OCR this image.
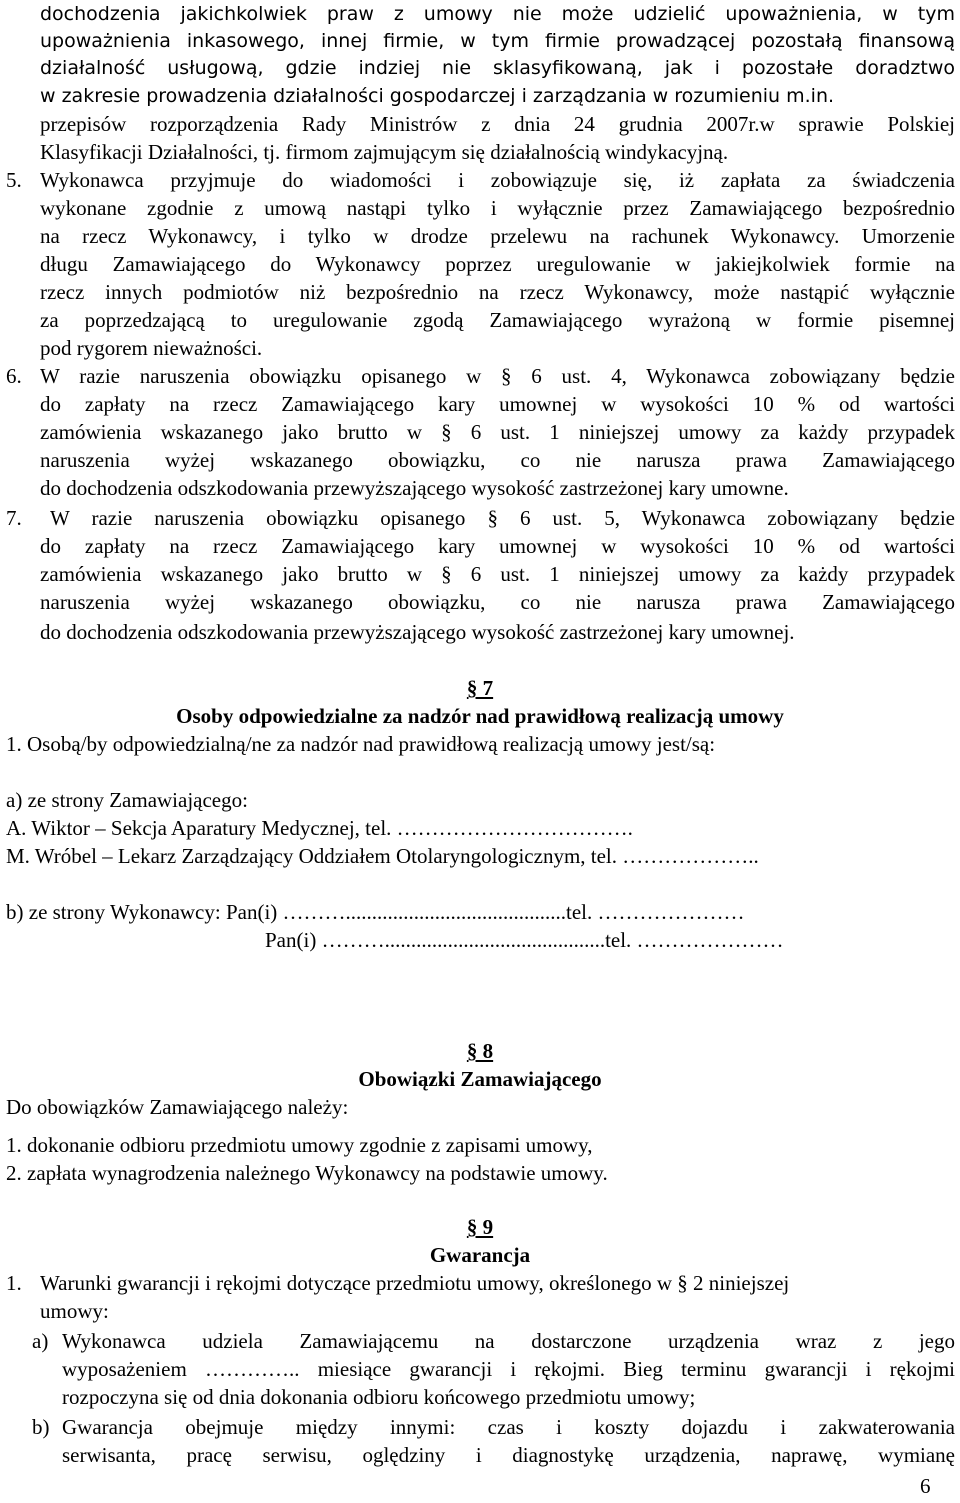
dochodzenia jakichkolwiek praw z umowy nie może udzielić upoważnienia, w tym
upoważnienia inkasowego, innej firmie, w tym firmie prowadzącej pozostałą finansową
działalność usługową, gdzie indziej nie sklasyfikowaną, jak i pozostałe doradztwo
w zakresie prowadzenia działalności gospodarczej i zarządzania w rozumieniu m.in.
przepisów rozporządzenia Rady Ministrów z dnia 24 grudnia 2007r.w sprawie Polskiej
Klasyfikacji Działalności, tj. firmom zajmującym się działalnością windykacyjną.
5. Wykonawca przyjmuje do wiadomości i zobowiązuje się, iż zapłata za świadczenia
wykonane zgodnie z umową nastąpi tylko i wyłącznie przez Zamawiającego bezpośrednio
na rzecz Wykonawcy, i tylko w drodze przelewu na rachunek Wykonawcy. Umorzenie
długu Zamawiającego do Wykonawcy poprzez uregulowanie w jakiejkolwiek formie na
rzecz innych podmiotów niż bezpośrednio na rzecz Wykonawcy, może nastąpić wyłącznie
za poprzedzającą to uregulowanie zgodą Zamawiającego wyrażoną w formie pisemnej
pod rygorem nieważności.
6. W razie naruszenia obowiązku opisanego w § 6 ust. 4, Wykonawca zobowiązany będzie
do zapłaty na rzecz Zamawiającego kary umownej w wysokości 10 % od wartości
zamówienia wskazanego jako brutto w § 6 ust. 1 niniejszej umowy za każdy przypadek
naruszenia wyżej wskazanego obowiązku, co nie narusza prawa Zamawiającego
do dochodzenia odszkodowania przewyższającego wysokość zastrzeżonej kary umowne.
7. W razie naruszenia obowiązku opisanego § 6 ust. 5, Wykonawca zobowiązany będzie
do zapłaty na rzecz Zamawiającego kary umownej w wysokości 10 % od wartości
zamówienia wskazanego jako brutto w § 6 ust. 1 niniejszej umowy za każdy przypadek
naruszenia wyżej wskazanego obowiązku, co nie narusza prawa Zamawiającego
do dochodzenia odszkodowania przewyższającego wysokość zastrzeżonej kary umownej.
§ 7
Osoby odpowiedzialne za nadzór nad prawidłową realizacją umowy
1. Osobą/by odpowiedzialną/ne za nadzór nad prawidłową realizacją umowy jest/są:
a) ze strony Zamawiającego:
A. Wiktor – Sekcja Aparatury Medycznej, tel. …………………………….
M. Wróbel – Lekarz Zarządzający Oddziałem Otolaryngologicznym, tel. ………………..
b) ze strony Wykonawcy: Pan(i) ………..........................................tel. …………………
Pan(i) ………..........................................tel. …………………
§ 8
Obowiązki Zamawiającego
Do obowiązków Zamawiającego należy:
1. dokonanie odbioru przedmiotu umowy zgodnie z zapisami umowy,
2. zapłata wynagrodzenia należnego Wykonawcy na podstawie umowy.
§ 9
Gwarancja
1. Warunki gwarancji i rękojmi dotyczące przedmiotu umowy, określonego w § 2 niniejszej
umowy:
a) Wykonawca udziela Zamawiającemu na dostarczone urządzenia wraz z jego
wyposażeniem ………….. miesiące gwarancji i rękojmi. Bieg terminu gwarancji i rękojmi
rozpoczyna się od dnia dokonania odbioru końcowego przedmiotu umowy;
b) Gwarancja obejmuje między innymi: czas i koszty dojazdu i zakwaterowania
serwisanta, pracę serwisu, oględziny i diagnostykę urządzenia, naprawę, wymianę
6
